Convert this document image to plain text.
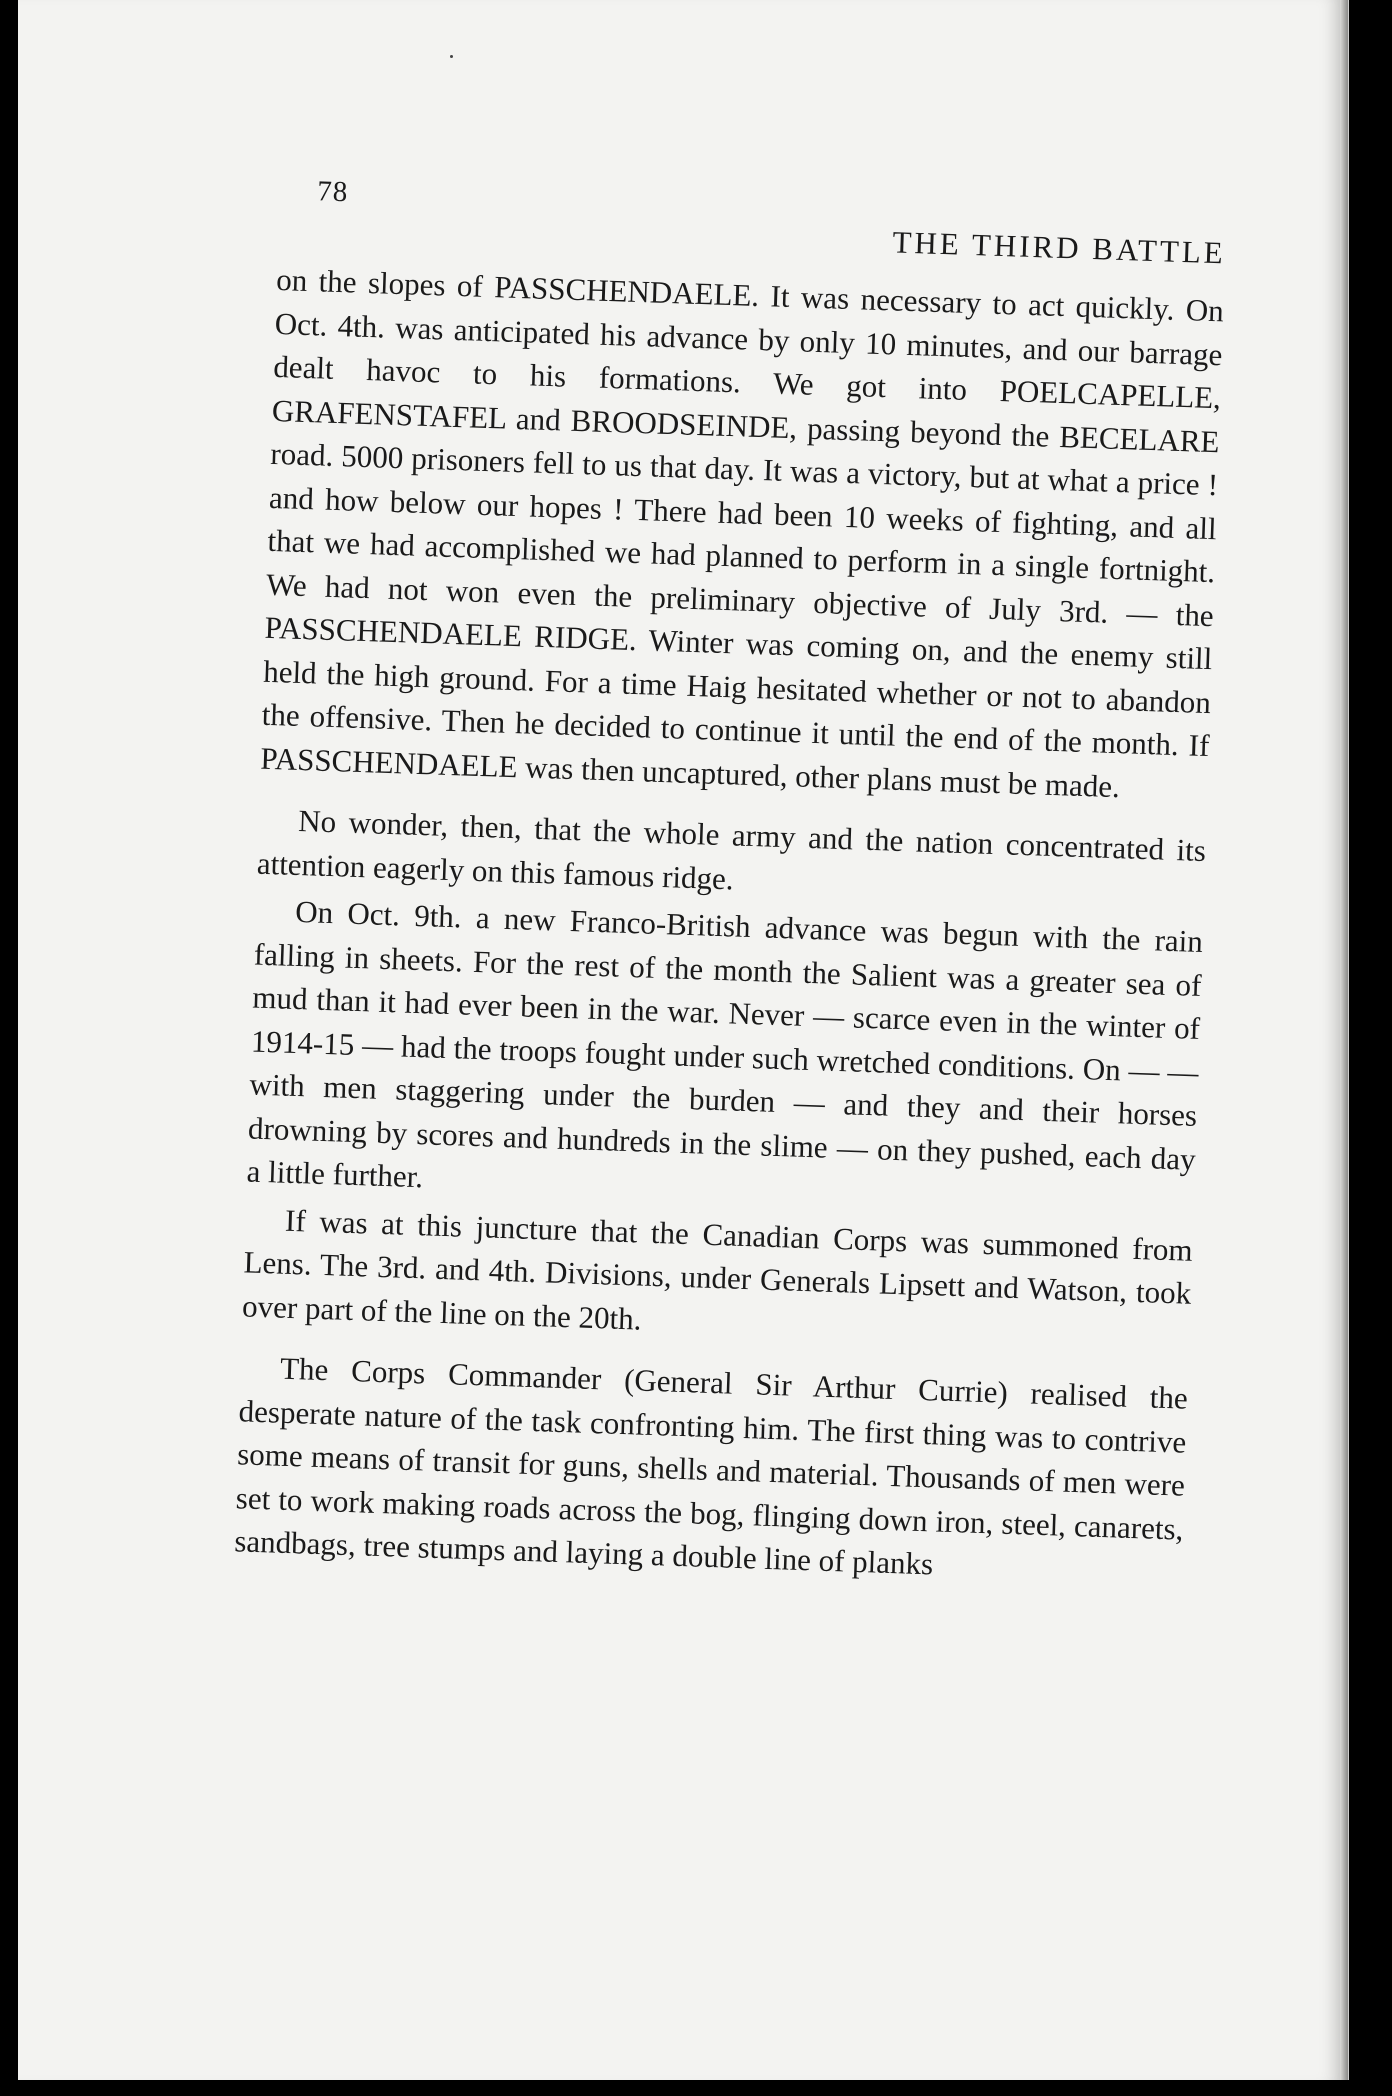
78
THE THIRD BATTLE

on the slopes of PASSCHENDAELE. It was necessary to act quickly. On Oct. 4th. was anticipated his advance by only 10 minutes, and our barrage dealt havoc to his formations. We got into POELCAPELLE, GRAFENSTAFEL and BROODSEINDE, passing beyond the BECELARE road. 5000 prisoners fell to us that day. It was a victory, but at what a price ! and how below our hopes ! There had been 10 weeks of fighting, and all that we had accomplished we had planned to perform in a single fortnight. We had not won even the preliminary objective of July 3rd. — the PASSCHENDAELE RIDGE. Winter was coming on, and the enemy still held the high ground. For a time Haig hesitated whether or not to abandon the offensive. Then he decided to continue it until the end of the month. If PASSCHENDAELE was then uncaptured, other plans must be made.

No wonder, then, that the whole army and the nation concentrated its attention eagerly on this famous ridge.

On Oct. 9th. a new Franco-British advance was begun with the rain falling in sheets. For the rest of the month the Salient was a greater sea of mud than it had ever been in the war. Never — scarce even in the winter of 1914-15 — had the troops fought under such wretched conditions. On — — with men staggering under the burden — and they and their horses drowning by scores and hundreds in the slime — on they pushed, each day a little further.

If was at this juncture that the Canadian Corps was summoned from Lens. The 3rd. and 4th. Divisions, under Generals Lipsett and Watson, took over part of the line on the 20th.

The Corps Commander (General Sir Arthur Currie) realised the desperate nature of the task confronting him. The first thing was to contrive some means of transit for guns, shells and material. Thousands of men were set to work making roads across the bog, flinging down iron, steel, canarets, sandbags, tree stumps and laying a double line of planks
